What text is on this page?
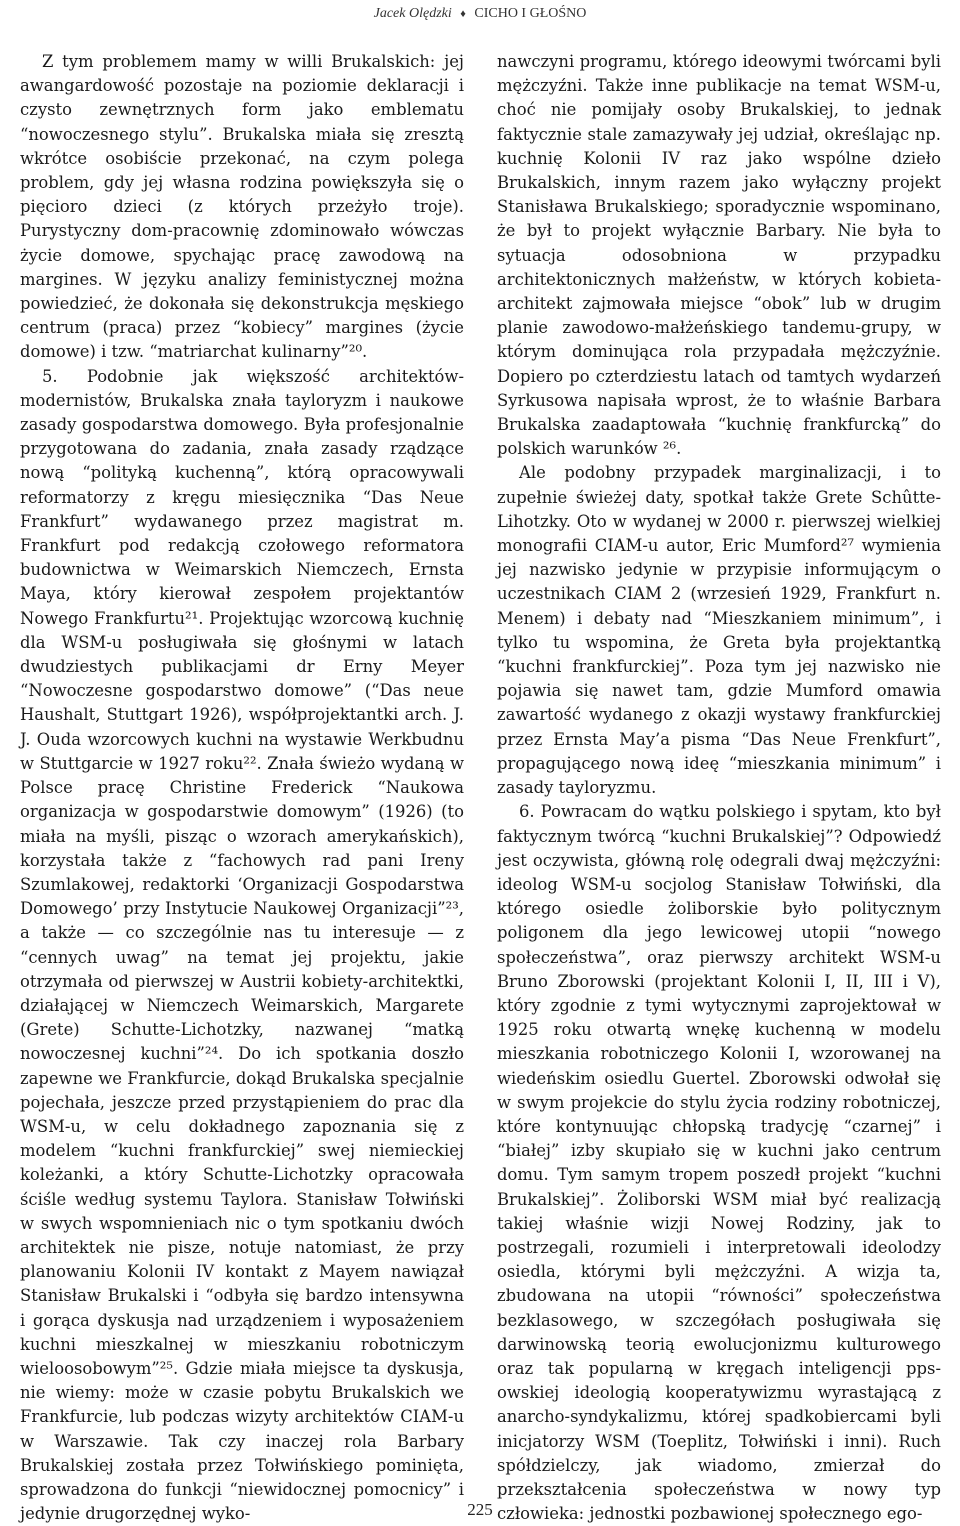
Jacek Olędzki ♦ CICHO I GŁOŚNO

Z tym problemem mamy w willi Brukalskich: jej awangardowość pozostaje na poziomie deklaracji i czysto zewnętrznych form jako emblematu “nowoczesnego stylu”. Brukalska miała się zresztą wkrótce osobiście przekonać, na czym polega problem, gdy jej własna rodzina powiększyła się o pięcioro dzieci (z których przeżyło troje). Purystyczny dom-pracownię zdominowało wówczas życie domowe, spychając pracę zawodową na margines. W języku analizy feministycznej można powiedzieć, że dokonała się dekonstrukcja męskiego centrum (praca) przez “kobiecy” margines (życie domowe) i tzw. “matriarchat kulinarny”²⁰.

5. Podobnie jak większość architektów-modernistów, Brukalska znała tayloryzm i naukowe zasady gospodarstwa domowego. Była profesjonalnie przygotowana do zadania, znała zasady rządzące nową “polityką kuchenną”, którą opracowywali reformatorzy z kręgu miesięcznika “Das Neue Frankfurt” wydawanego przez magistrat m. Frankfurt pod redakcją czołowego reformatora budownictwa w Weimarskich Niemczech, Ernsta Maya, który kierował zespołem projektantów Nowego Frankfurtu²¹. Projektując wzorcową kuchnię dla WSM-u posługiwała się głośnymi w latach dwudziestych publikacjami dr Erny Meyer “Nowoczesne gospodarstwo domowe” (“Das neue Haushalt, Stuttgart 1926), współprojektantki arch. J. J. Ouda wzorcowych kuchni na wystawie Werkbudnu w Stuttgarcie w 1927 roku²². Znała świeżo wydaną w Polsce pracę Christine Frederick “Naukowa organizacja w gospodarstwie domowym” (1926) (to miała na myśli, pisząc o wzorach amerykańskich), korzystała także z “fachowych rad pani Ireny Szumlakowej, redaktorki ‘Organizacji Gospodarstwa Domowego’ przy Instytucie Naukowej Organizacji”²³, a także — co szczególnie nas tu interesuje — z “cennych uwag” na temat jej projektu, jakie otrzymała od pierwszej w Austrii kobiety-architektki, działającej w Niemczech Weimarskich, Margarete (Grete) Schutte-Lichotzky, nazwanej “matką nowoczesnej kuchni”²⁴. Do ich spotkania doszło zapewne we Frankfurcie, dokąd Brukalska specjalnie pojechała, jeszcze przed przystąpieniem do prac dla WSM-u, w celu dokładnego zapoznania się z modelem “kuchni frankfurckiej” swej niemieckiej koleżanki, a który Schutte-Lichotzky opracowała ściśle według systemu Taylora. Stanisław Tołwiński w swych wspomnieniach nic o tym spotkaniu dwóch architektek nie pisze, notuje natomiast, że przy planowaniu Kolonii IV kontakt z Mayem nawiązał Stanisław Brukalski i “odbyła się bardzo intensywna i gorąca dyskusja nad urządzeniem i wyposażeniem kuchni mieszkalnej w mieszkaniu robotniczym wieloosobowym”²⁵. Gdzie miała miejsce ta dyskusja, nie wiemy: może w czasie pobytu Brukalskich we Frankfurcie, lub podczas wizyty architektów CIAM-u w Warszawie. Tak czy inaczej rola Barbary Brukalskiej została przez Tołwińskiego pominięta, sprowadzona do funkcji “niewidocznej pomocnicy” i jedynie drugorzędnej wyko-

nawczyni programu, którego ideowymi twórcami byli mężczyźni. Także inne publikacje na temat WSM-u, choć nie pomijały osoby Brukalskiej, to jednak faktycznie stale zamazywały jej udział, określając np. kuchnię Kolonii IV raz jako wspólne dzieło Brukalskich, innym razem jako wyłączny projekt Stanisława Brukalskiego; sporadycznie wspominano, że był to projekt wyłącznie Barbary. Nie była to sytuacja odosobniona w przypadku architektonicznych małżeństw, w których kobieta-architekt zajmowała miejsce “obok” lub w drugim planie zawodowo-małżeńskiego tandemu-grupy, w którym dominująca rola przypadała mężczyźnie. Dopiero po czterdziestu latach od tamtych wydarzeń Syrkusowa napisała wprost, że to właśnie Barbara Brukalska zaadaptowała “kuchnię frankfurcką” do polskich warunków ²⁶.

Ale podobny przypadek marginalizacji, i to zupełnie świeżej daty, spotkał także Grete Schûtte-Lihotzky. Oto w wydanej w 2000 r. pierwszej wielkiej monografii CIAM-u autor, Eric Mumford²⁷ wymienia jej nazwisko jedynie w przypisie informującym o uczestnikach CIAM 2 (wrzesień 1929, Frankfurt n. Menem) i debaty nad “Mieszkaniem minimum”, i tylko tu wspomina, że Greta była projektantką “kuchni frankfurckiej”. Poza tym jej nazwisko nie pojawia się nawet tam, gdzie Mumford omawia zawartość wydanego z okazji wystawy frankfurckiej przez Ernsta May’a pisma “Das Neue Frenkfurt”, propagującego nową ideę “mieszkania minimum” i zasady tayloryzmu.

6. Powracam do wątku polskiego i spytam, kto był faktycznym twórcą “kuchni Brukalskiej”? Odpowiedź jest oczywista, główną rolę odegrali dwaj mężczyźni: ideolog WSM-u socjolog Stanisław Tołwiński, dla którego osiedle żoliborskie było politycznym poligonem dla jego lewicowej utopii “nowego społeczeństwa”, oraz pierwszy architekt WSM-u Bruno Zborowski (projektant Kolonii I, II, III i V), który zgodnie z tymi wytycznymi zaprojektował w 1925 roku otwartą wnękę kuchenną w modelu mieszkania robotniczego Kolonii I, wzorowanej na wiedeńskim osiedlu Guertel. Zborowski odwołał się w swym projekcie do stylu życia rodziny robotniczej, które kontynuując chłopską tradycję “czarnej” i “białej” izby skupiało się w kuchni jako centrum domu. Tym samym tropem poszedł projekt “kuchni Brukalskiej”. Żoliborski WSM miał być realizacją takiej właśnie wizji Nowej Rodziny, jak to postrzegali, rozumieli i interpretowali ideolodzy osiedla, którymi byli mężczyźni. A wizja ta, zbudowana na utopii “równości” społeczeństwa bezklasowego, w szczegółach posługiwała się darwinowską teorią ewolucjonizmu kulturowego oraz tak popularną w kręgach inteligencji pps-owskiej ideologią kooperatywizmu wyrastającą z anarcho-syndykalizmu, której spadkobiercami byli inicjatorzy WSM (Toeplitz, Tołwiński i inni). Ruch spółdzielczy, jak wiadomo, zmierzał do przekształcenia społeczeństwa w nowy typ człowieka: jednostki pozbawionej społecznego ego-

225
